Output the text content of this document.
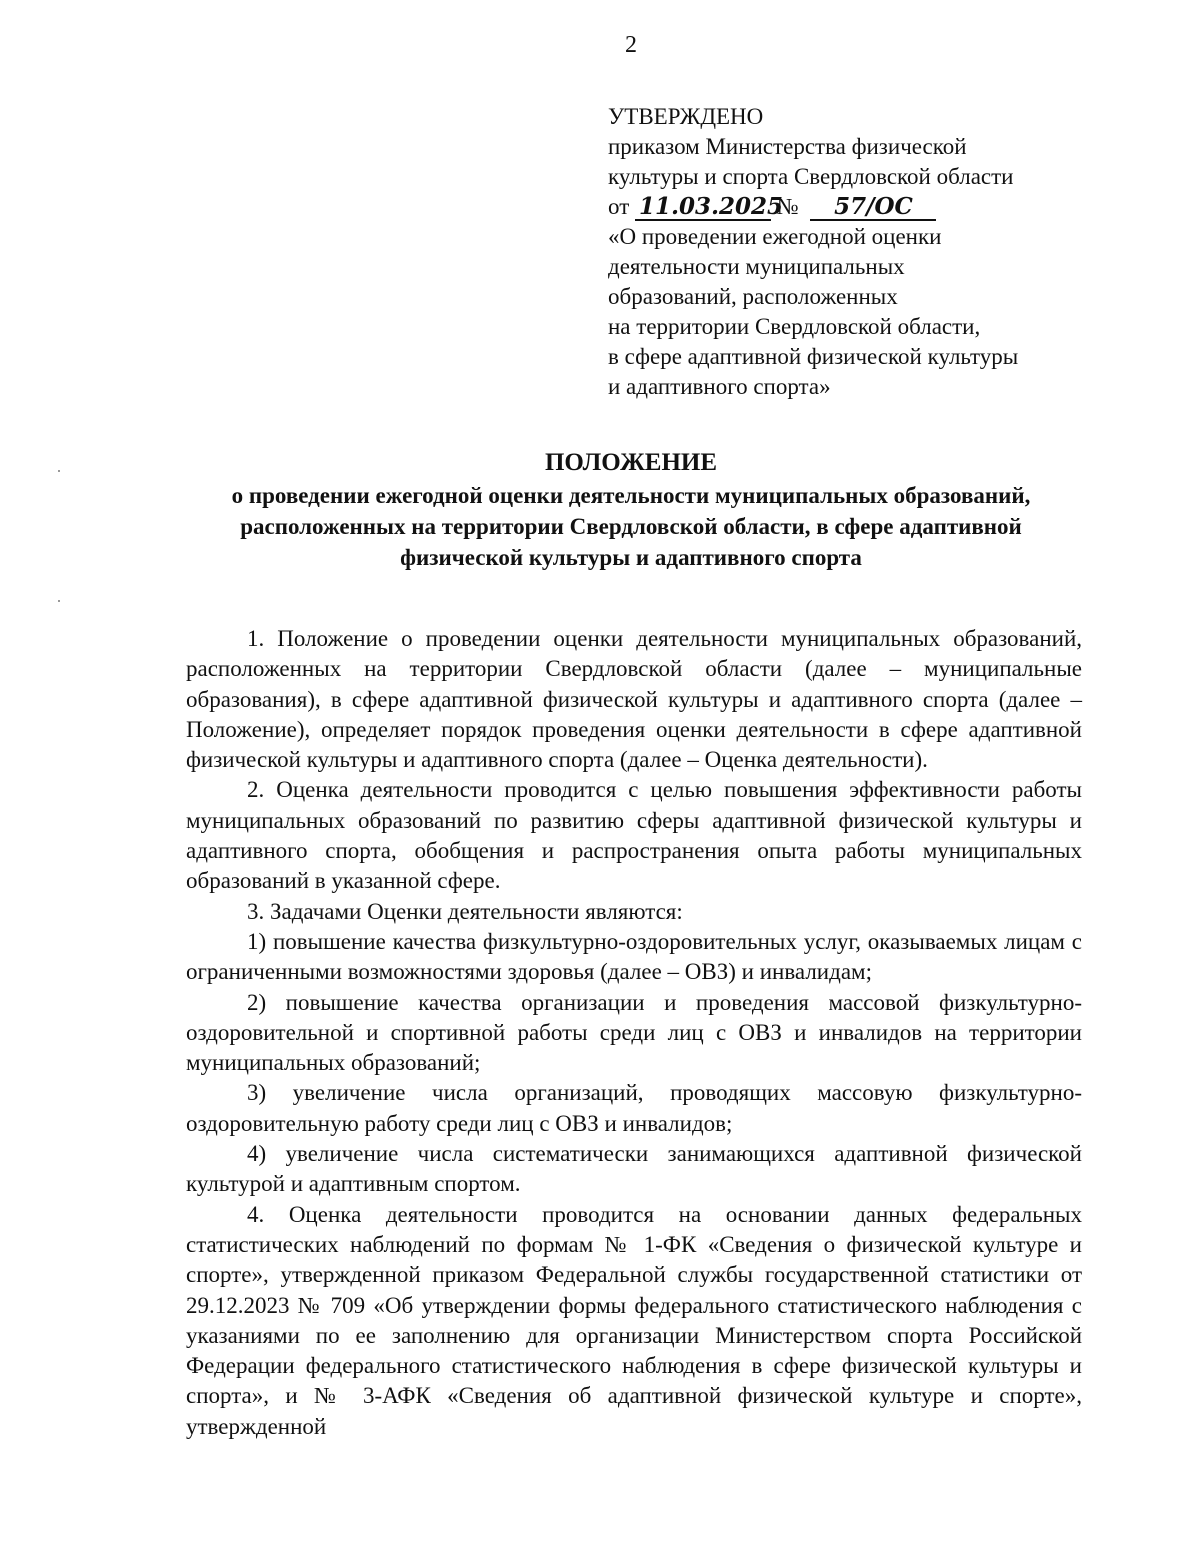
2
УТВЕРЖДЕНО
приказом Министерства физической
культуры и спорта Свердловской области
от 11.03.2025 № 57/ОС
«О проведении ежегодной оценки
деятельности муниципальных
образований, расположенных
на территории Свердловской области,
в сфере адаптивной физической культуры
и адаптивного спорта»
ПОЛОЖЕНИЕ
о проведении ежегодной оценки деятельности муниципальных образований,
расположенных на территории Свердловской области, в сфере адаптивной
физической культуры и адаптивного спорта

1. Положение о проведении оценки деятельности муниципальных образований, расположенных на территории Свердловской области (далее – муниципальные образования), в сфере адаптивной физической культуры и адаптивного спорта (далее – Положение), определяет порядок проведения оценки деятельности в сфере адаптивной физической культуры и адаптивного спорта (далее – Оценка деятельности).

2. Оценка деятельности проводится с целью повышения эффективности работы муниципальных образований по развитию сферы адаптивной физической культуры и адаптивного спорта, обобщения и распространения опыта работы муниципальных образований в указанной сфере.

3. Задачами Оценки деятельности являются:

1) повышение качества физкультурно-оздоровительных услуг, оказываемых лицам с ограниченными возможностями здоровья (далее – ОВЗ) и инвалидам;

2) повышение качества организации и проведения массовой физкультурно-оздоровительной и спортивной работы среди лиц с ОВЗ и инвалидов на территории муниципальных образований;

3) увеличение числа организаций, проводящих массовую физкультурно-оздоровительную работу среди лиц с ОВЗ и инвалидов;

4) увеличение числа систематически занимающихся адаптивной физической культурой и адаптивным спортом.

4. Оценка деятельности проводится на основании данных федеральных статистических наблюдений по формам № 1-ФК «Сведения о физической культуре и спорте», утвержденной приказом Федеральной службы государственной статистики от 29.12.2023 № 709 «Об утверждении формы федерального статистического наблюдения с указаниями по ее заполнению для организации Министерством спорта Российской Федерации федерального статистического наблюдения в сфере физической культуры и спорта», и № 3-АФК «Сведения об адаптивной физической культуре и спорте», утвержденной
